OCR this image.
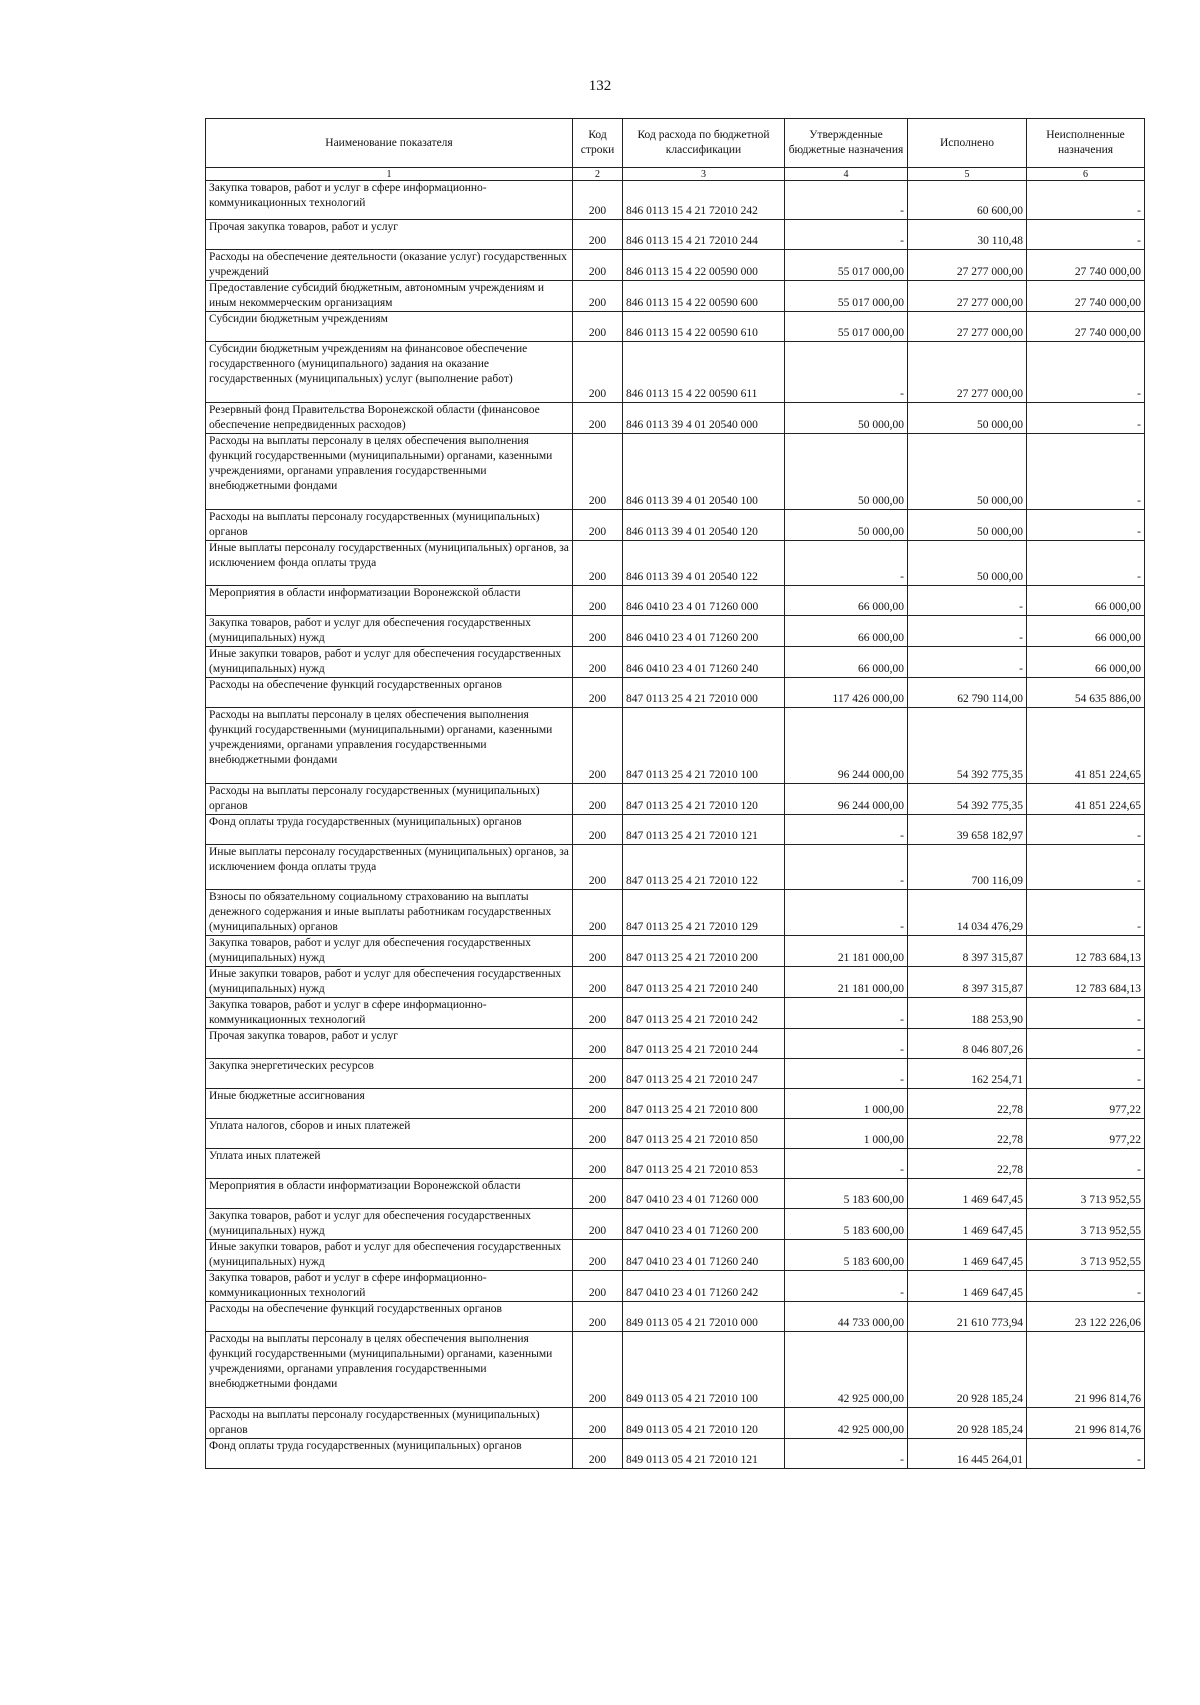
132
Наименование показателя	Код строки	Код расхода по бюджетной классификации	Утвержденные бюджетные назначения	Исполнено	Неисполненные назначения
1	2	3	4	5	6
Закупка товаров, работ и услуг в сфере информационно-коммуникационных технологий	200	846 0113 15 4 21 72010 242	-	60 600,00	-
Прочая закупка товаров, работ и услуг	200	846 0113 15 4 21 72010 244	-	30 110,48	-
Расходы на обеспечение деятельности (оказание услуг) государственных учреждений	200	846 0113 15 4 22 00590 000	55 017 000,00	27 277 000,00	27 740 000,00
Предоставление субсидий бюджетным, автономным учреждениям и иным некоммерческим организациям	200	846 0113 15 4 22 00590 600	55 017 000,00	27 277 000,00	27 740 000,00
Субсидии бюджетным учреждениям	200	846 0113 15 4 22 00590 610	55 017 000,00	27 277 000,00	27 740 000,00
Субсидии бюджетным учреждениям на финансовое обеспечение государственного (муниципального) задания на оказание государственных (муниципальных) услуг (выполнение работ)	200	846 0113 15 4 22 00590 611	-	27 277 000,00	-
Резервный фонд Правительства Воронежской области (финансовое обеспечение непредвиденных расходов)	200	846 0113 39 4 01 20540 000	50 000,00	50 000,00	-
Расходы на выплаты персоналу в целях обеспечения выполнения функций государственными (муниципальными) органами, казенными учреждениями, органами управления государственными внебюджетными фондами	200	846 0113 39 4 01 20540 100	50 000,00	50 000,00	-
Расходы на выплаты персоналу государственных (муниципальных) органов	200	846 0113 39 4 01 20540 120	50 000,00	50 000,00	-
Иные выплаты персоналу государственных (муниципальных) органов, за исключением фонда оплаты труда	200	846 0113 39 4 01 20540 122	-	50 000,00	-
Мероприятия в области информатизации Воронежской области	200	846 0410 23 4 01 71260 000	66 000,00	-	66 000,00
Закупка товаров, работ и услуг для обеспечения государственных (муниципальных) нужд	200	846 0410 23 4 01 71260 200	66 000,00	-	66 000,00
Иные закупки товаров, работ и услуг для обеспечения государственных (муниципальных) нужд	200	846 0410 23 4 01 71260 240	66 000,00	-	66 000,00
Расходы на обеспечение функций государственных органов	200	847 0113 25 4 21 72010 000	117 426 000,00	62 790 114,00	54 635 886,00
Расходы на выплаты персоналу в целях обеспечения выполнения функций государственными (муниципальными) органами, казенными учреждениями, органами управления государственными внебюджетными фондами	200	847 0113 25 4 21 72010 100	96 244 000,00	54 392 775,35	41 851 224,65
Расходы на выплаты персоналу государственных (муниципальных) органов	200	847 0113 25 4 21 72010 120	96 244 000,00	54 392 775,35	41 851 224,65
Фонд оплаты труда государственных (муниципальных) органов	200	847 0113 25 4 21 72010 121	-	39 658 182,97	-
Иные выплаты персоналу государственных (муниципальных) органов, за исключением фонда оплаты труда	200	847 0113 25 4 21 72010 122	-	700 116,09	-
Взносы по обязательному социальному страхованию на выплаты денежного содержания и иные выплаты работникам государственных (муниципальных) органов	200	847 0113 25 4 21 72010 129	-	14 034 476,29	-
Закупка товаров, работ и услуг для обеспечения государственных (муниципальных) нужд	200	847 0113 25 4 21 72010 200	21 181 000,00	8 397 315,87	12 783 684,13
Иные закупки товаров, работ и услуг для обеспечения государственных (муниципальных) нужд	200	847 0113 25 4 21 72010 240	21 181 000,00	8 397 315,87	12 783 684,13
Закупка товаров, работ и услуг в сфере информационно-коммуникационных технологий	200	847 0113 25 4 21 72010 242	-	188 253,90	-
Прочая закупка товаров, работ и услуг	200	847 0113 25 4 21 72010 244	-	8 046 807,26	-
Закупка энергетических ресурсов	200	847 0113 25 4 21 72010 247	-	162 254,71	-
Иные бюджетные ассигнования	200	847 0113 25 4 21 72010 800	1 000,00	22,78	977,22
Уплата налогов, сборов и иных платежей	200	847 0113 25 4 21 72010 850	1 000,00	22,78	977,22
Уплата иных платежей	200	847 0113 25 4 21 72010 853	-	22,78	-
Мероприятия в области информатизации Воронежской области	200	847 0410 23 4 01 71260 000	5 183 600,00	1 469 647,45	3 713 952,55
Закупка товаров, работ и услуг для обеспечения государственных (муниципальных) нужд	200	847 0410 23 4 01 71260 200	5 183 600,00	1 469 647,45	3 713 952,55
Иные закупки товаров, работ и услуг для обеспечения государственных (муниципальных) нужд	200	847 0410 23 4 01 71260 240	5 183 600,00	1 469 647,45	3 713 952,55
Закупка товаров, работ и услуг в сфере информационно-коммуникационных технологий	200	847 0410 23 4 01 71260 242	-	1 469 647,45	-
Расходы на обеспечение функций государственных органов	200	849 0113 05 4 21 72010 000	44 733 000,00	21 610 773,94	23 122 226,06
Расходы на выплаты персоналу в целях обеспечения выполнения функций государственными (муниципальными) органами, казенными учреждениями, органами управления государственными внебюджетными фондами	200	849 0113 05 4 21 72010 100	42 925 000,00	20 928 185,24	21 996 814,76
Расходы на выплаты персоналу государственных (муниципальных) органов	200	849 0113 05 4 21 72010 120	42 925 000,00	20 928 185,24	21 996 814,76
Фонд оплаты труда государственных (муниципальных) органов	200	849 0113 05 4 21 72010 121	-	16 445 264,01	-
